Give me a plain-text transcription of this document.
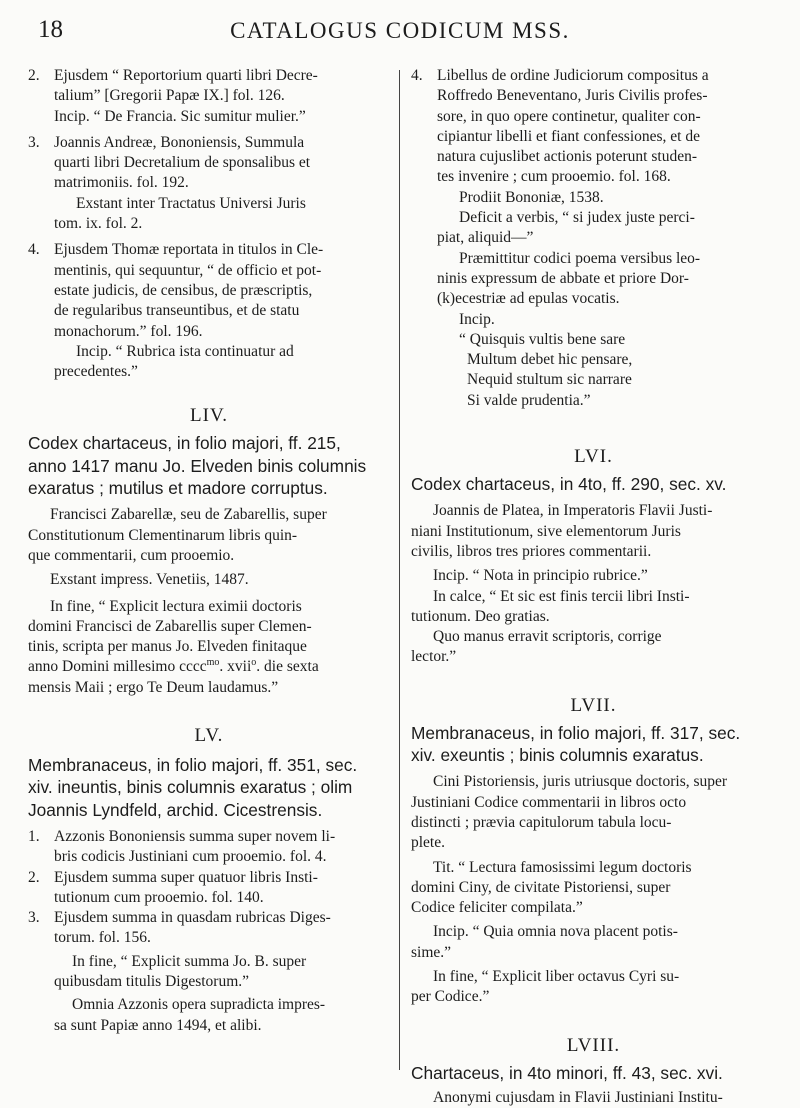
18	CATALOGUS CODICUM MSS.
2. Ejusdem “ Reportorium quarti libri Decre-
talium” [Gregorii Papæ IX.] fol. 126.
Incip. “ De Francia. Sic sumitur mulier.”
3. Joannis Andreæ, Bononiensis, Summula
quarti libri Decretalium de sponsalibus et
matrimoniis. fol. 192.
Exstant inter Tractatus Universi Juris
tom. ix. fol. 2.
4. Ejusdem Thomæ reportata in titulos in Cle-
mentinis, qui sequuntur, “ de officio et pot-
estate judicis, de censibus, de præscriptis,
de regularibus transeuntibus, et de statu
monachorum.” fol. 196.
Incip. “ Rubrica ista continuatur ad
precedentes.”
LIV.
Codex chartaceus, in folio majori, ff. 215,
anno 1417 manu Jo. Elveden binis columnis
exaratus ; mutilus et madore corruptus.
Francisci Zabarellæ, seu de Zabarellis, super
Constitutionum Clementinarum libris quin-
que commentarii, cum prooemio.
Exstant impress. Venetiis, 1487.
In fine, “ Explicit lectura eximii doctoris
domini Francisci de Zabarellis super Clemen-
tinis, scripta per manus Jo. Elveden finitaque
anno Domini millesimo cccc$^{mo}$. xvii$^o$. die sexta
mensis Maii ; ergo Te Deum laudamus.”
LV.
Membranaceus, in folio majori, ff. 351, sec.
xiv. ineuntis, binis columnis exaratus ; olim
Joannis Lyndfeld, archid. Cicestrensis.
1. Azzonis Bononiensis summa super novem li-
bris codicis Justiniani cum prooemio. fol. 4.
2. Ejusdem summa super quatuor libris Insti-
tutionum cum prooemio. fol. 140.
3. Ejusdem summa in quasdam rubricas Diges-
torum. fol. 156.
In fine, “ Explicit summa Jo. B. super
quibusdam titulis Digestorum.”
Omnia Azzonis opera supradicta impres-
sa sunt Papiæ anno 1494, et alibi.
4. Libellus de ordine Judiciorum compositus a
Roffredo Beneventano, Juris Civilis profes-
sore, in quo opere continetur, qualiter con-
cipiantur libelli et fiant confessiones, et de
natura cujuslibet actionis poterunt studen-
tes invenire ; cum prooemio. fol. 168.
Prodiit Bononiæ, 1538.
Deficit a verbis, “ si judex juste perci-
piat, aliquid—”
Præmittitur codici poema versibus leo-
ninis expressum de abbate et priore Dor-
(k)ecestriæ ad epulas vocatis.
Incip.
“ Quisquis vultis bene sare
Multum debet hic pensare,
Nequid stultum sic narrare
Si valde prudentia.”
LVI.
Codex chartaceus, in 4to, ff. 290, sec. xv.
Joannis de Platea, in Imperatoris Flavii Justi-
niani Institutionum, sive elementorum Juris
civilis, libros tres priores commentarii.
Incip. “ Nota in principio rubrice.”
In calce, “ Et sic est finis tercii libri Insti-
tutionum. Deo gratias.
Quo manus erravit scriptoris, corrige
lector.”
LVII.
Membranaceus, in folio majori, ff. 317, sec.
xiv. exeuntis ; binis columnis exaratus.
Cini Pistoriensis, juris utriusque doctoris, super
Justiniani Codice commentarii in libros octo
distincti ; prævia capitulorum tabula locu-
plete.
Tit. “ Lectura famosissimi legum doctoris
domini Ciny, de civitate Pistoriensi, super
Codice feliciter compilata.”
Incip. “ Quia omnia nova placent potis-
sime.”
In fine, “ Explicit liber octavus Cyri su-
per Codice.”
LVIII.
Chartaceus, in 4to minori, ff. 43, sec. xvi.
Anonymi cujusdam in Flavii Justiniani Institu-
